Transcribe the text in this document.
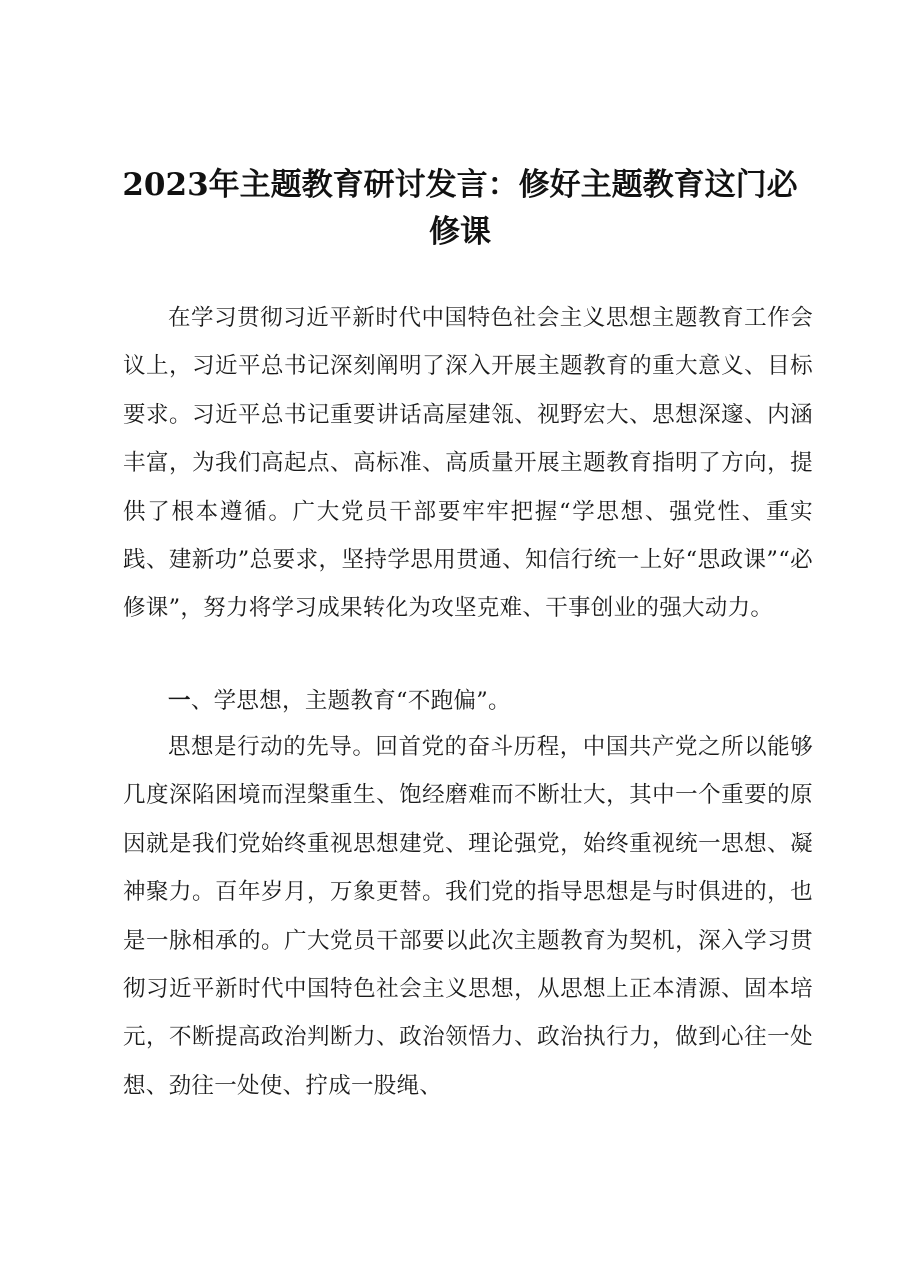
2023年主题教育研讨发言：修好主题教育这门必修课

在学习贯彻习近平新时代中国特色社会主义思想主题教育工作会议上，习近平总书记深刻阐明了深入开展主题教育的重大意义、目标要求。习近平总书记重要讲话高屋建瓴、视野宏大、思想深邃、内涵丰富，为我们高起点、高标准、高质量开展主题教育指明了方向，提供了根本遵循。广大党员干部要牢牢把握“学思想、强党性、重实践、建新功”总要求，坚持学思用贯通、知信行统一上好“思政课”“必修课”，努力将学习成果转化为攻坚克难、干事创业的强大动力。

一、学思想，主题教育“不跑偏”。

思想是行动的先导。回首党的奋斗历程，中国共产党之所以能够几度深陷困境而涅槃重生、饱经磨难而不断壮大，其中一个重要的原因就是我们党始终重视思想建党、理论强党，始终重视统一思想、凝神聚力。百年岁月，万象更替。我们党的指导思想是与时俱进的，也是一脉相承的。广大党员干部要以此次主题教育为契机，深入学习贯彻习近平新时代中国特色社会主义思想，从思想上正本清源、固本培元，不断提高政治判断力、政治领悟力、政治执行力，做到心往一处想、劲往一处使、拧成一股绳、
